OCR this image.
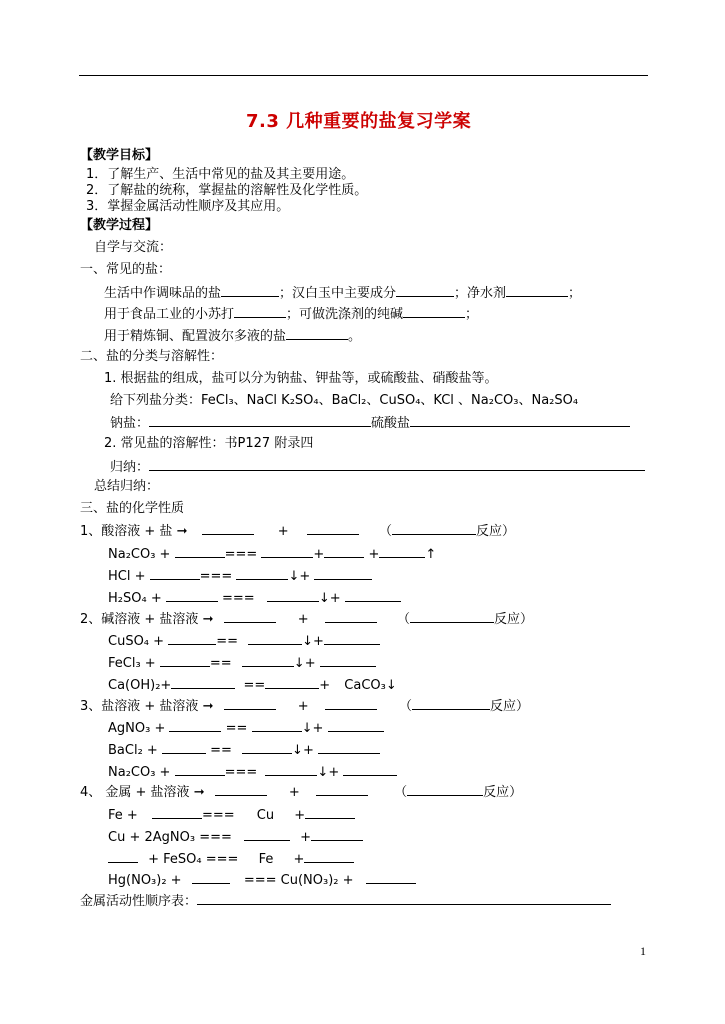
7.3 几种重要的盐复习学案
【教学目标】
1．了解生产、生活中常见的盐及其主要用途。
2．了解盐的统称，掌握盐的溶解性及化学性质。
3．掌握金属活动性顺序及其应用。
【教学过程】
自学与交流：
一、常见的盐：
生活中作调味品的盐	；汉白玉中主要成分	；净水剂	；
用于食品工业的小苏打	；可做洗涤剂的纯碱	；
用于精炼铜、配置波尔多液的盐	。
二、盐的分类与溶解性：
1. 根据盐的组成，盐可以分为钠盐、钾盐等，或硫酸盐、硝酸盐等。
给下列盐分类：FeCl₃、NaCl K₂SO₄、BaCl₂、CuSO₄、KCl 、Na₂CO₃、Na₂SO₄
钠盐：	硫酸盐
2. 常见盐的溶解性：书P127 附录四
归纳：
总结归纳：
三、盐的化学性质
1、酸溶液 + 盐 ➞	+	（	反应）
Na₂CO₃ +	===	+	+	↑
HCl +	===	↓+
H₂SO₄ +	===	↓+
2、碱溶液 + 盐溶液 ➞	+	（	反应）
CuSO₄ +	==	↓+
FeCl₃ +	==	↓+
Ca(OH)₂+	==	+ CaCO₃↓
3、盐溶液 + 盐溶液 ➞	+	（	反应）
AgNO₃ +	==	↓+
BaCl₂ +	==	↓+
Na₂CO₃ +	===	↓+
4、 金属 + 盐溶液 ➞	+	（	反应）
Fe +	=== Cu +
Cu + 2AgNO₃ ===	+
+ FeSO₄ === Fe +
Hg(NO₃)₂ +	=== Cu(NO₃)₂ +
金属活动性顺序表：
1
